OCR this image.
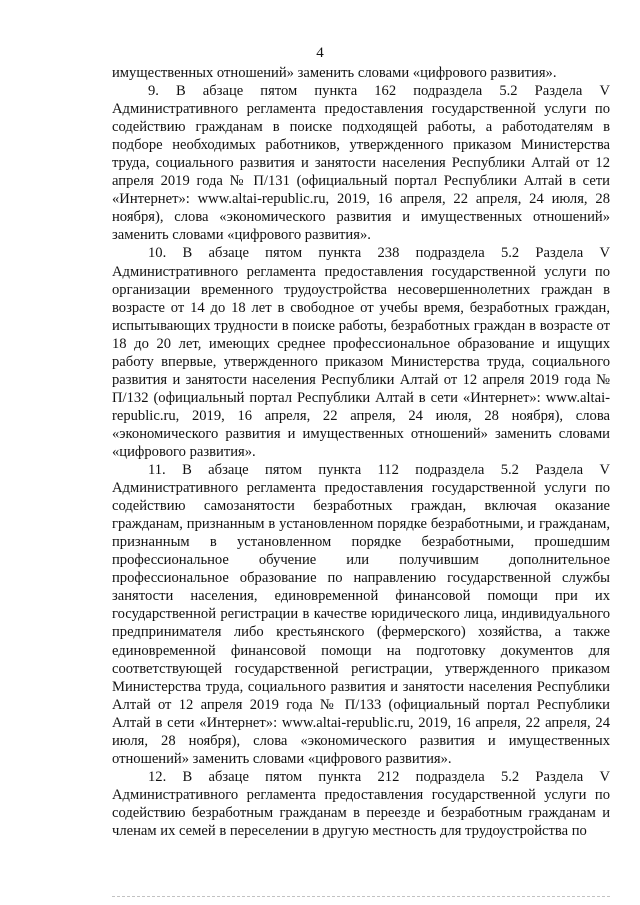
4

имущественных отношений» заменить словами «цифрового развития».

9. В абзаце пятом пункта 162 подраздела 5.2 Раздела V Административного регламента предоставления государственной услуги по содействию гражданам в поиске подходящей работы, а работодателям в подборе необходимых работников, утвержденного приказом Министерства труда, социального развития и занятости населения Республики Алтай от 12 апреля 2019 года № П/131 (официальный портал Республики Алтай в сети «Интернет»: www.altai-republic.ru, 2019, 16 апреля, 22 апреля, 24 июля, 28 ноября), слова «экономического развития и имущественных отношений» заменить словами «цифрового развития».

10. В абзаце пятом пункта 238 подраздела 5.2 Раздела V Административного регламента предоставления государственной услуги по организации временного трудоустройства несовершеннолетних граждан в возрасте от 14 до 18 лет в свободное от учебы время, безработных граждан, испытывающих трудности в поиске работы, безработных граждан в возрасте от 18 до 20 лет, имеющих среднее профессиональное образование и ищущих работу впервые, утвержденного приказом Министерства труда, социального развития и занятости населения Республики Алтай от 12 апреля 2019 года № П/132 (официальный портал Республики Алтай в сети «Интернет»: www.altai-republic.ru, 2019, 16 апреля, 22 апреля, 24 июля, 28 ноября), слова «экономического развития и имущественных отношений» заменить словами «цифрового развития».

11. В абзаце пятом пункта 112 подраздела 5.2 Раздела V Административного регламента предоставления государственной услуги по содействию самозанятости безработных граждан, включая оказание гражданам, признанным в установленном порядке безработными, и гражданам, признанным в установленном порядке безработными, прошедшим профессиональное обучение или получившим дополнительное профессиональное образование по направлению государственной службы занятости населения, единовременной финансовой помощи при их государственной регистрации в качестве юридического лица, индивидуального предпринимателя либо крестьянского (фермерского) хозяйства, а также единовременной финансовой помощи на подготовку документов для соответствующей государственной регистрации, утвержденного приказом Министерства труда, социального развития и занятости населения Республики Алтай от 12 апреля 2019 года № П/133 (официальный портал Республики Алтай в сети «Интернет»: www.altai-republic.ru, 2019, 16 апреля, 22 апреля, 24 июля, 28 ноября), слова «экономического развития и имущественных отношений» заменить словами «цифрового развития».

12. В абзаце пятом пункта 212 подраздела 5.2 Раздела V Административного регламента предоставления государственной услуги по содействию безработным гражданам в переезде и безработным гражданам и членам их семей в переселении в другую местность для трудоустройства по
